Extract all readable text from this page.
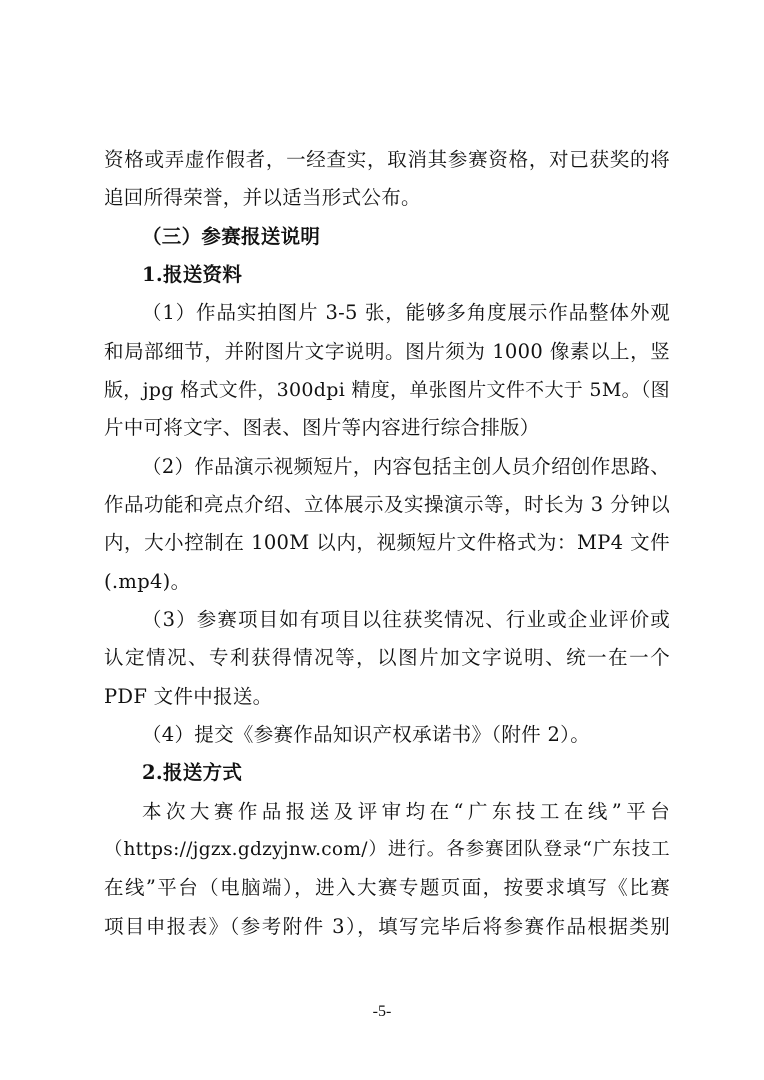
资格或弄虚作假者，一经查实，取消其参赛资格，对已获奖的将
追回所得荣誉，并以适当形式公布。
（三）参赛报送说明
1.报送资料
（1）作品实拍图片 3-5 张，能够多角度展示作品整体外观
和局部细节，并附图片文字说明。图片须为 1000 像素以上，竖
版，jpg 格式文件，300dpi 精度，单张图片文件不大于 5M。（图
片中可将文字、图表、图片等内容进行综合排版）
（2）作品演示视频短片，内容包括主创人员介绍创作思路、
作品功能和亮点介绍、立体展示及实操演示等，时长为 3 分钟以
内，大小控制在 100M 以内，视频短片文件格式为：MP4 文件
(.mp4)。
（3）参赛项目如有项目以往获奖情况、行业或企业评价或
认定情况、专利获得情况等，以图片加文字说明、统一在一个
PDF 文件中报送。
（4）提交《参赛作品知识产权承诺书》（附件 2）。
2.报送方式
本次大赛作品报送及评审均在“广东技工在线”平台
（https://jgzx.gdzyjnw.com/）进行。各参赛团队登录“广东技工
在线”平台（电脑端），进入大赛专题页面，按要求填写《比赛
项目申报表》（参考附件 3），填写完毕后将参赛作品根据类别
-5-
